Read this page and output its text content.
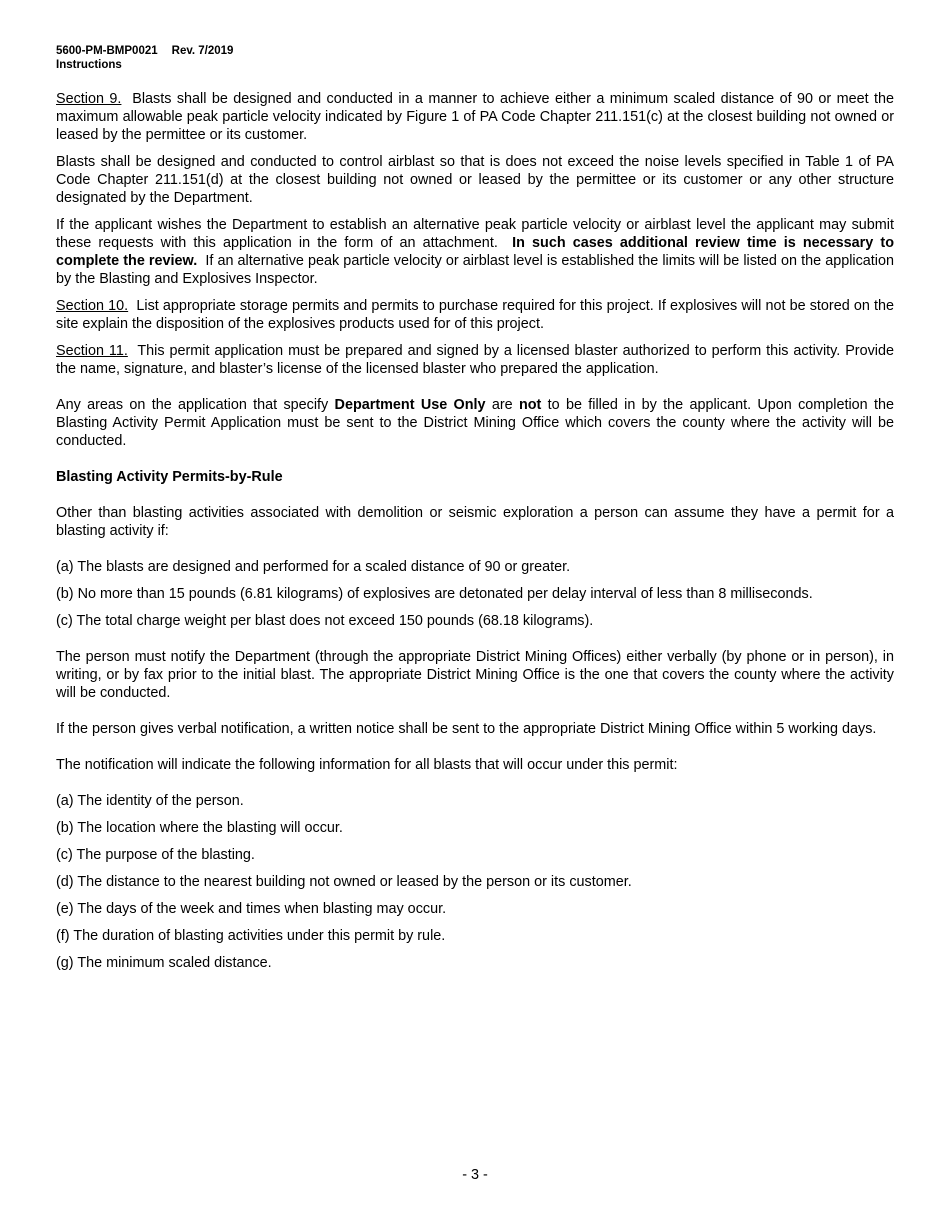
5600-PM-BMP0021 Rev. 7/2019
Instructions

Section 9. Blasts shall be designed and conducted in a manner to achieve either a minimum scaled distance of 90 or meet the maximum allowable peak particle velocity indicated by Figure 1 of PA Code Chapter 211.151(c) at the closest building not owned or leased by the permittee or its customer.

Blasts shall be designed and conducted to control airblast so that is does not exceed the noise levels specified in Table 1 of PA Code Chapter 211.151(d) at the closest building not owned or leased by the permittee or its customer or any other structure designated by the Department.

If the applicant wishes the Department to establish an alternative peak particle velocity or airblast level the applicant may submit these requests with this application in the form of an attachment. In such cases additional review time is necessary to complete the review. If an alternative peak particle velocity or airblast level is established the limits will be listed on the application by the Blasting and Explosives Inspector.

Section 10. List appropriate storage permits and permits to purchase required for this project. If explosives will not be stored on the site explain the disposition of the explosives products used for of this project.

Section 11. This permit application must be prepared and signed by a licensed blaster authorized to perform this activity. Provide the name, signature, and blaster’s license of the licensed blaster who prepared the application.

Any areas on the application that specify Department Use Only are not to be filled in by the applicant. Upon completion the Blasting Activity Permit Application must be sent to the District Mining Office which covers the county where the activity will be conducted.

Blasting Activity Permits-by-Rule

Other than blasting activities associated with demolition or seismic exploration a person can assume they have a permit for a blasting activity if:

(a) The blasts are designed and performed for a scaled distance of 90 or greater.

(b) No more than 15 pounds (6.81 kilograms) of explosives are detonated per delay interval of less than 8 milliseconds.

(c) The total charge weight per blast does not exceed 150 pounds (68.18 kilograms).

The person must notify the Department (through the appropriate District Mining Offices) either verbally (by phone or in person), in writing, or by fax prior to the initial blast. The appropriate District Mining Office is the one that covers the county where the activity will be conducted.

If the person gives verbal notification, a written notice shall be sent to the appropriate District Mining Office within 5 working days.

The notification will indicate the following information for all blasts that will occur under this permit:

(a) The identity of the person.

(b) The location where the blasting will occur.

(c) The purpose of the blasting.

(d) The distance to the nearest building not owned or leased by the person or its customer.

(e) The days of the week and times when blasting may occur.

(f) The duration of blasting activities under this permit by rule.

(g) The minimum scaled distance.

- 3 -
